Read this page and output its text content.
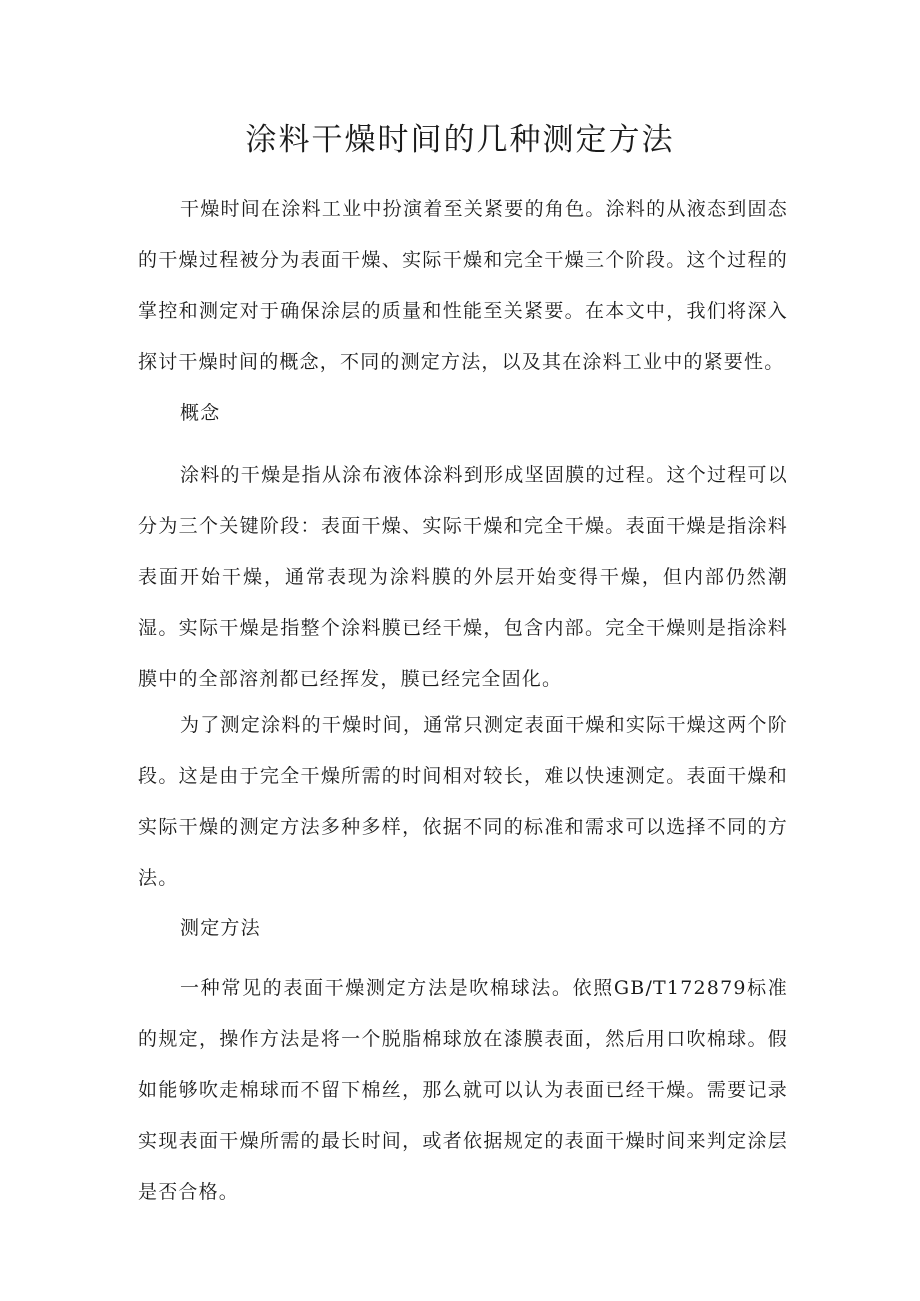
涂料干燥时间的几种测定方法

干燥时间在涂料工业中扮演着至关紧要的角色。涂料的从液态到固态的干燥过程被分为表面干燥、实际干燥和完全干燥三个阶段。这个过程的掌控和测定对于确保涂层的质量和性能至关紧要。在本文中，我们将深入探讨干燥时间的概念，不同的测定方法，以及其在涂料工业中的紧要性。

概念

涂料的干燥是指从涂布液体涂料到形成坚固膜的过程。这个过程可以分为三个关键阶段：表面干燥、实际干燥和完全干燥。表面干燥是指涂料表面开始干燥，通常表现为涂料膜的外层开始变得干燥，但内部仍然潮湿。实际干燥是指整个涂料膜已经干燥，包含内部。完全干燥则是指涂料膜中的全部溶剂都已经挥发，膜已经完全固化。

为了测定涂料的干燥时间，通常只测定表面干燥和实际干燥这两个阶段。这是由于完全干燥所需的时间相对较长，难以快速测定。表面干燥和实际干燥的测定方法多种多样，依据不同的标准和需求可以选择不同的方法。

测定方法

一种常见的表面干燥测定方法是吹棉球法。依照GB/T172879标准的规定，操作方法是将一个脱脂棉球放在漆膜表面，然后用口吹棉球。假如能够吹走棉球而不留下棉丝，那么就可以认为表面已经干燥。需要记录实现表面干燥所需的最长时间，或者依据规定的表面干燥时间来判定涂层是否合格。
